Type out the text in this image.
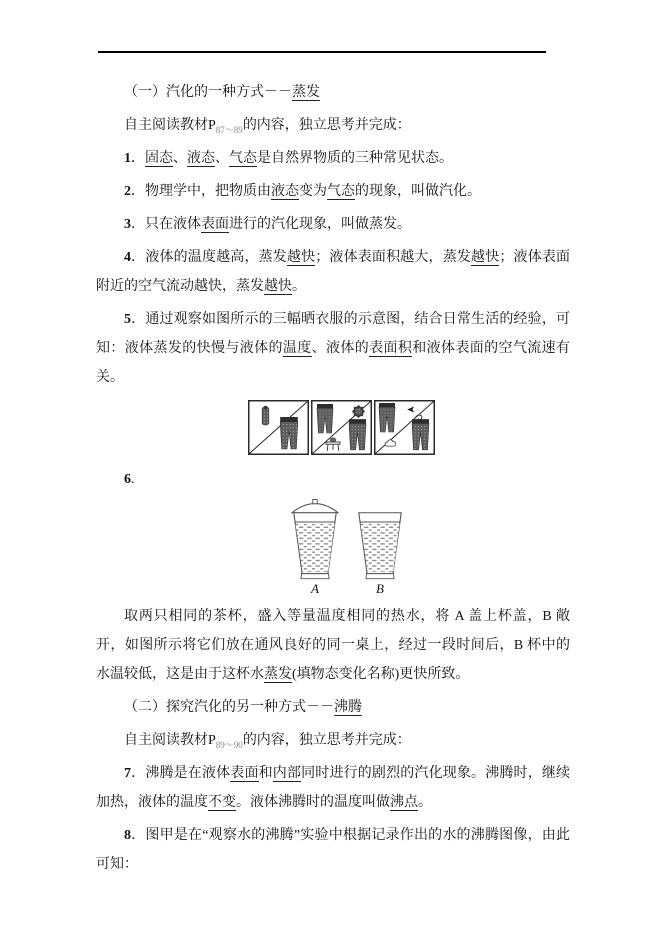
（一）汽化的一种方式－－蒸发

自主阅读教材$P_{87\sim 89}$的内容，独立思考并完成：

1．固态、液态、气态是自然界物质的三种常见状态。

2．物理学中，把物质由液态变为气态的现象，叫做汽化。

3．只在液体表面进行的汽化现象，叫做蒸发。

4．液体的温度越高，蒸发越快；液体表面积越大，蒸发越快；液体表面附近的空气流动越快，蒸发越快。

5．通过观察如图所示的三幅晒衣服的示意图，结合日常生活的经验，可知：液体蒸发的快慢与液体的温度、液体的表面积和液体表面的空气流速有关。

6.

A	B

取两只相同的茶杯，盛入等量温度相同的热水，将 A 盖上杯盖，B 敞开，如图所示将它们放在通风良好的同一桌上，经过一段时间后，B 杯中的水温较低，这是由于这杯水蒸发(填物态变化名称)更快所致。

（二）探究汽化的另一种方式－－沸腾

自主阅读教材$P_{89\sim 90}$的内容，独立思考并完成：

7．沸腾是在液体表面和内部同时进行的剧烈的汽化现象。沸腾时，继续加热，液体的温度不变。液体沸腾时的温度叫做沸点。

8．图甲是在“观察水的沸腾”实验中根据记录作出的水的沸腾图像，由此可知：
